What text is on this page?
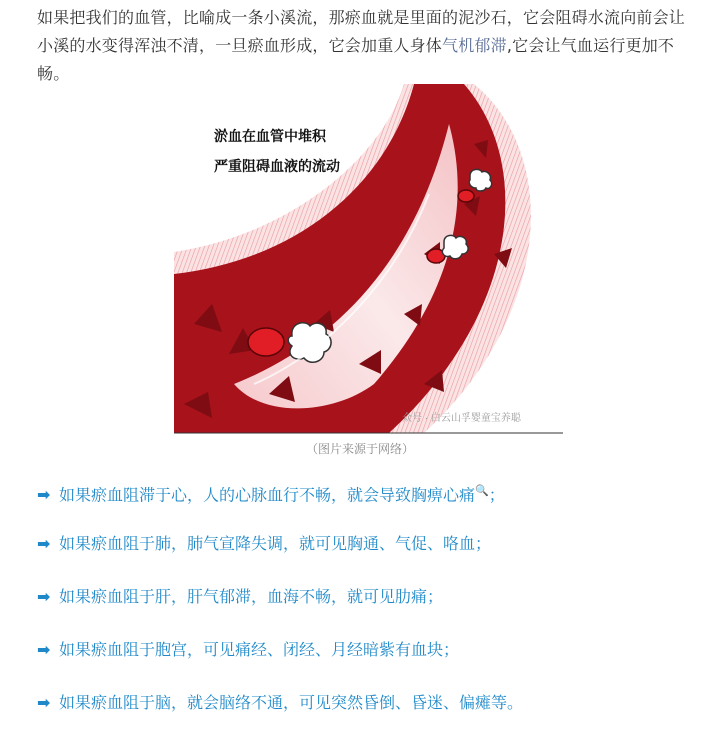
如果把我们的血管，比喻成一条小溪流，那瘀血就是里面的泥沙石，它会阻碍水流向前会让小溪的水变得浑浊不清，一旦瘀血形成，它会加重人身体气机郁滞,它会让气血运行更加不畅。

淤血在血管中堆积
严重阻碍血液的流动
众号 · 白云山孚婴童宝养聪
（图片来源于网络）
➡ 如果瘀血阻滞于心，人的心脉血行不畅，就会导致胸痹心痛🔍；
➡ 如果瘀血阻于肺，肺气宣降失调，就可见胸通、气促、咯血；
➡ 如果瘀血阻于肝，肝气郁滞，血海不畅，就可见肋痛；
➡ 如果瘀血阻于胞宫，可见痛经、闭经、月经暗紫有血块；
➡ 如果瘀血阻于脑，就会脑络不通，可见突然昏倒、昏迷、偏瘫等。
